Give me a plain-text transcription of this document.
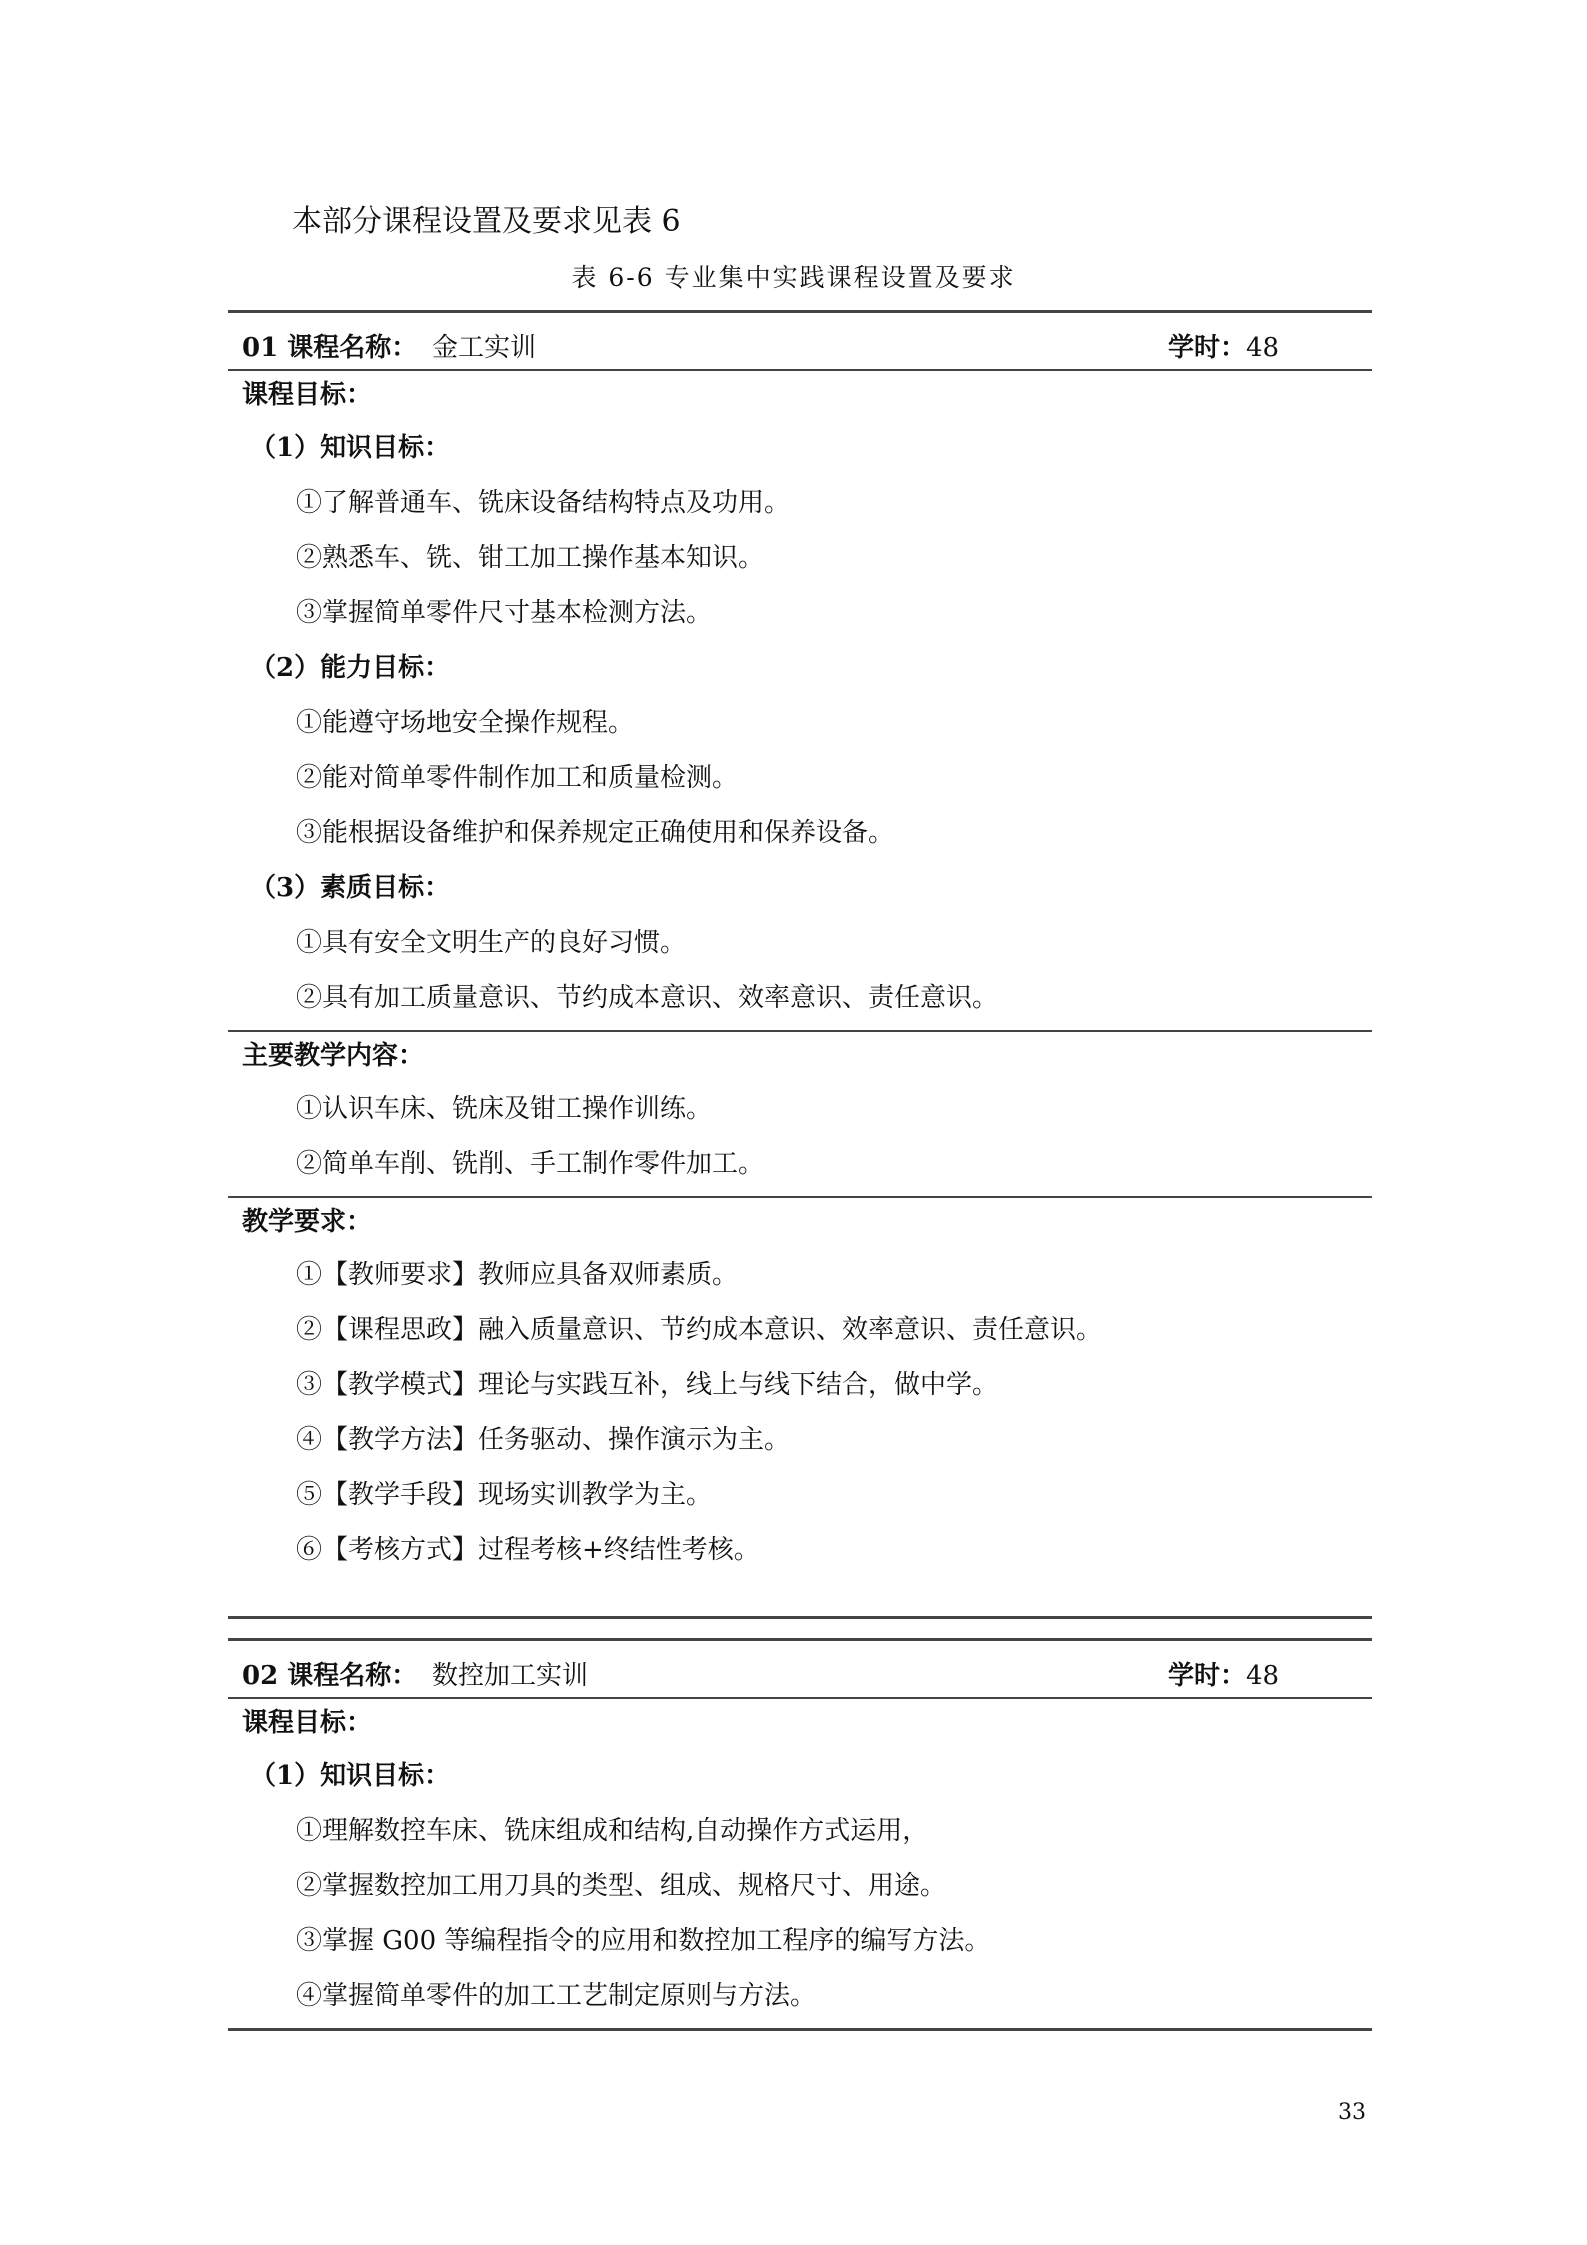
本部分课程设置及要求见表 6
表 6-6 专业集中实践课程设置及要求
01 课程名称： 金工实训	学时：48
课程目标：
（1）知识目标：
①了解普通车、铣床设备结构特点及功用。
②熟悉车、铣、钳工加工操作基本知识。
③掌握简单零件尺寸基本检测方法。
（2）能力目标：
①能遵守场地安全操作规程。
②能对简单零件制作加工和质量检测。
③能根据设备维护和保养规定正确使用和保养设备。
（3）素质目标：
①具有安全文明生产的良好习惯。
②具有加工质量意识、节约成本意识、效率意识、责任意识。
主要教学内容：
①认识车床、铣床及钳工操作训练。
②简单车削、铣削、手工制作零件加工。
教学要求：
①【教师要求】教师应具备双师素质。
②【课程思政】融入质量意识、节约成本意识、效率意识、责任意识。
③【教学模式】理论与实践互补，线上与线下结合，做中学。
④【教学方法】任务驱动、操作演示为主。
⑤【教学手段】现场实训教学为主。
⑥【考核方式】过程考核+终结性考核。
02 课程名称： 数控加工实训	学时：48
课程目标：
（1）知识目标：
①理解数控车床、铣床组成和结构,自动操作方式运用，
②掌握数控加工用刀具的类型、组成、规格尺寸、用途。
③掌握 G00 等编程指令的应用和数控加工程序的编写方法。
④掌握简单零件的加工工艺制定原则与方法。
33
